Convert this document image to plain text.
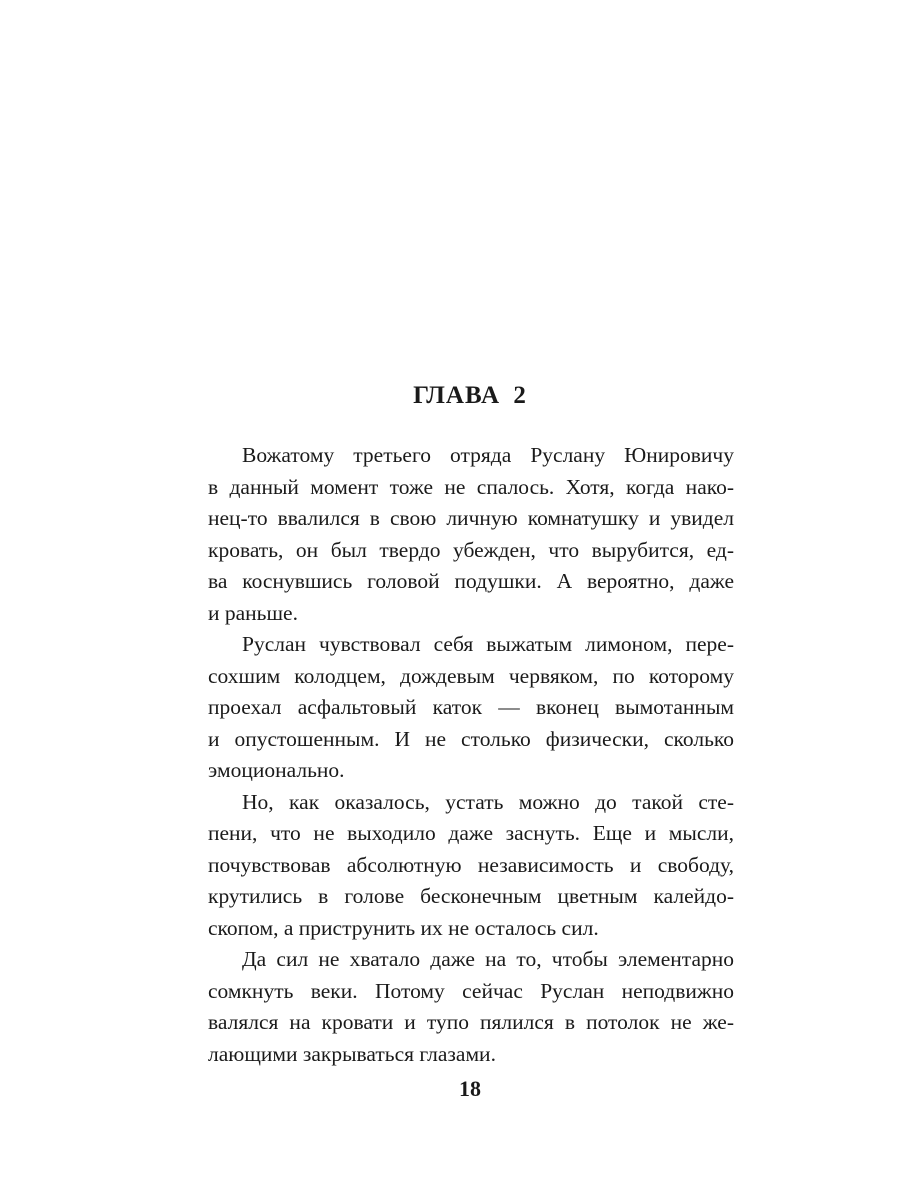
ГЛАВА 2
Вожатому третьего отряда Руслану Юнировичу
в данный момент тоже не спалось. Хотя, когда нако-
нец-то ввалился в свою личную комнатушку и увидел
кровать, он был твердо убежден, что вырубится, ед-
ва коснувшись головой подушки. А вероятно, даже
и раньше.
Руслан чувствовал себя выжатым лимоном, пере-
сохшим колодцем, дождевым червяком, по которому
проехал асфальтовый каток — вконец вымотанным
и опустошенным. И не столько физически, сколько
эмоционально.
Но, как оказалось, устать можно до такой сте-
пени, что не выходило даже заснуть. Еще и мысли,
почувствовав абсолютную независимость и свободу,
крутились в голове бесконечным цветным калейдо-
скопом, а приструнить их не осталось сил.
Да сил не хватало даже на то, чтобы элементарно
сомкнуть веки. Потому сейчас Руслан неподвижно
валялся на кровати и тупо пялился в потолок не же-
лающими закрываться глазами.
18
